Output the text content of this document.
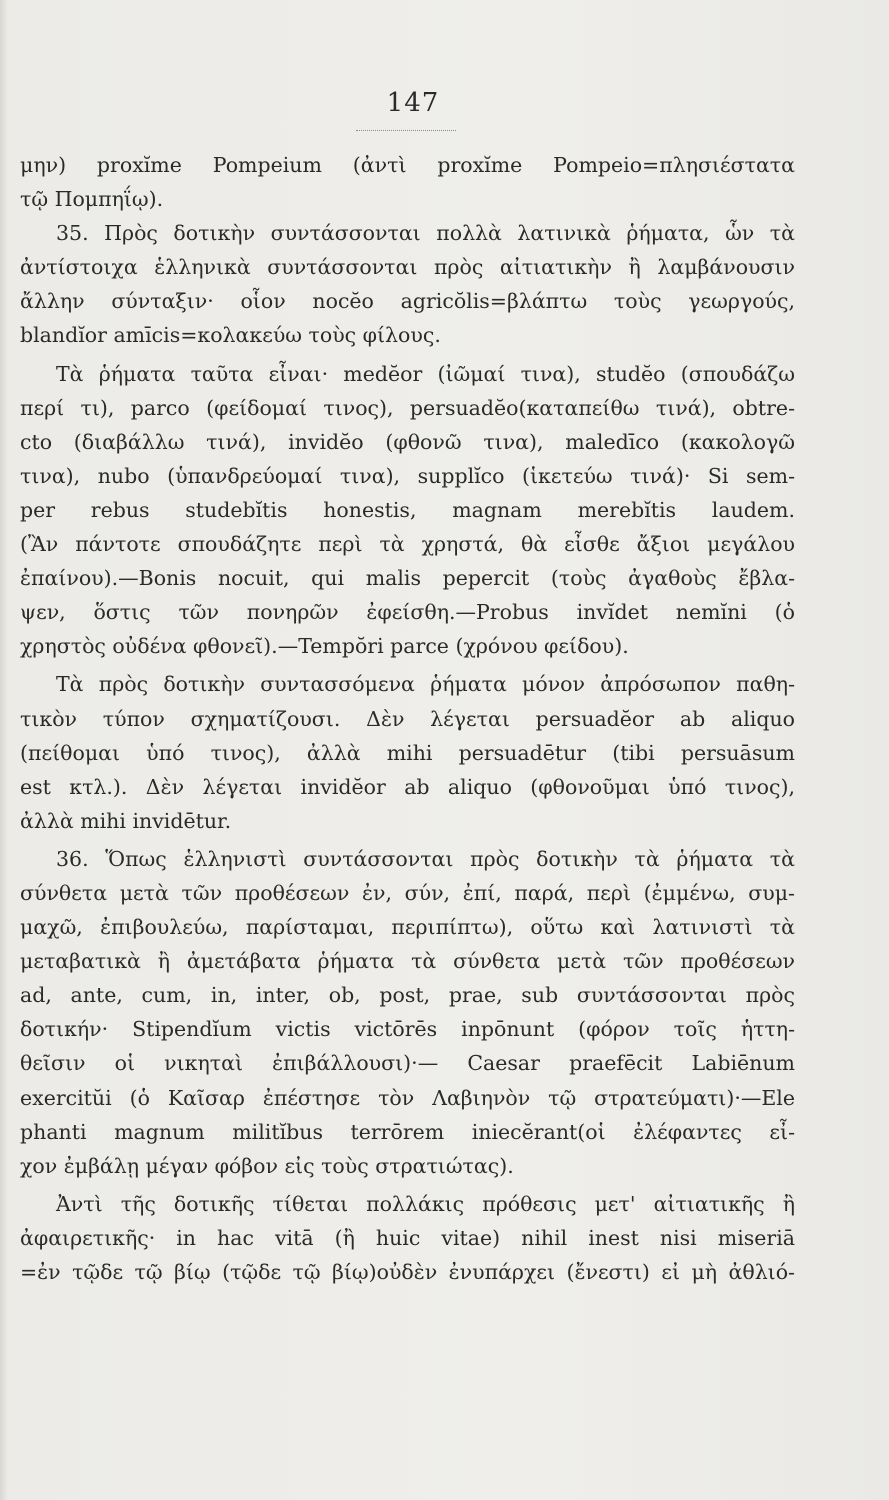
147
μην) proxĭme Pompeium (ἀντὶ proxĭme Pompeio=πλησιέστατα
τῷ Πομπηΐῳ).
35. Πρὸς δοτικὴν συντάσσονται πολλὰ λατινικὰ ῥήματα, ὧν τὰ
ἀντίστοιχα ἑλληνικὰ συντάσσονται πρὸς αἰτιατικὴν ἢ λαμβάνουσιν
ἄλλην σύνταξιν· οἷον nocĕo agricŏlis=βλάπτω τοὺς γεωργούς,
blandĭor amīcis=κολακεύω τοὺς φίλους.
Τὰ ῥήματα ταῦτα εἶναι· medĕor (ἰῶμαί τινα), studĕo (σπουδάζω
περί τι), parco (φείδομαί τινος), persuadĕo(καταπείθω τινά), obtre-
cto (διαβάλλω τινά), invidĕo (φθονῶ τινα), maledīco (κακολογῶ
τινα), nubo (ὑπανδρεύομαί τινα), supplĭco (ἱκετεύω τινά)· Si sem-
per rebus studebĭtis honestis, magnam merebĭtis laudem.
(Ἂν πάντοτε σπουδάζητε περὶ τὰ χρηστά, θὰ εἶσθε ἄξιοι μεγάλου
ἐπαίνου).—Bonis nocuit, qui malis pepercit (τοὺς ἀγαθοὺς ἔβλα-
ψεν, ὅστις τῶν πονηρῶν ἐφείσθη.—Probus invĭdet nemĭni (ὁ
χρηστὸς οὐδένα φθονεῖ).—Tempŏri parce (χρόνου φείδου).
Τὰ πρὸς δοτικὴν συντασσόμενα ῥήματα μόνον ἀπρόσωπον παθη-
τικὸν τύπον σχηματίζουσι. Δὲν λέγεται persuadĕor ab aliquo
(πείθομαι ὑπό τινος), ἀλλὰ mihi persuadētur (tibi persuāsum
est κτλ.). Δὲν λέγεται invidĕor ab aliquo (φθονοῦμαι ὑπό τινος),
ἀλλὰ mihi invidētur.
36. Ὅπως ἑλληνιστὶ συντάσσονται πρὸς δοτικὴν τὰ ῥήματα τὰ
σύνθετα μετὰ τῶν προθέσεων ἐν, σύν, ἐπί, παρά, περὶ (ἐμμένω, συμ-
μαχῶ, ἐπιβουλεύω, παρίσταμαι, περιπίπτω), οὕτω καὶ λατινιστὶ τὰ
μεταβατικὰ ἢ ἀμετάβατα ῥήματα τὰ σύνθετα μετὰ τῶν προθέσεων
ad, ante, cum, in, inter, ob, post, prae, sub συντάσσονται πρὸς
δοτικήν· Stipendĭum victis victōrēs inpōnunt (φόρον τοῖς ἡττη-
θεῖσιν οἱ νικηταὶ ἐπιβάλλουσι)·— Caesar praefēcit Labiēnum
exercitŭi (ὁ Καῖσαρ ἐπέστησε τὸν Λαβιηνὸν τῷ στρατεύματι)·—Ele
phanti magnum militĭbus terrōrem iniecĕrant(οἱ ἐλέφαντες εἶ-
χον ἐμβάλῃ μέγαν φόβον εἰς τοὺς στρατιώτας).
Ἀντὶ τῆς δοτικῆς τίθεται πολλάκις πρόθεσις μετ' αἰτιατικῆς ἢ
ἀφαιρετικῆς· in hac vitā (ἢ huic vitae) nihil inest nisi miseriā
=ἐν τῷδε τῷ βίῳ (τῷδε τῷ βίῳ)οὐδὲν ἐνυπάρχει (ἔνεστι) εἰ μὴ ἀθλιό-
